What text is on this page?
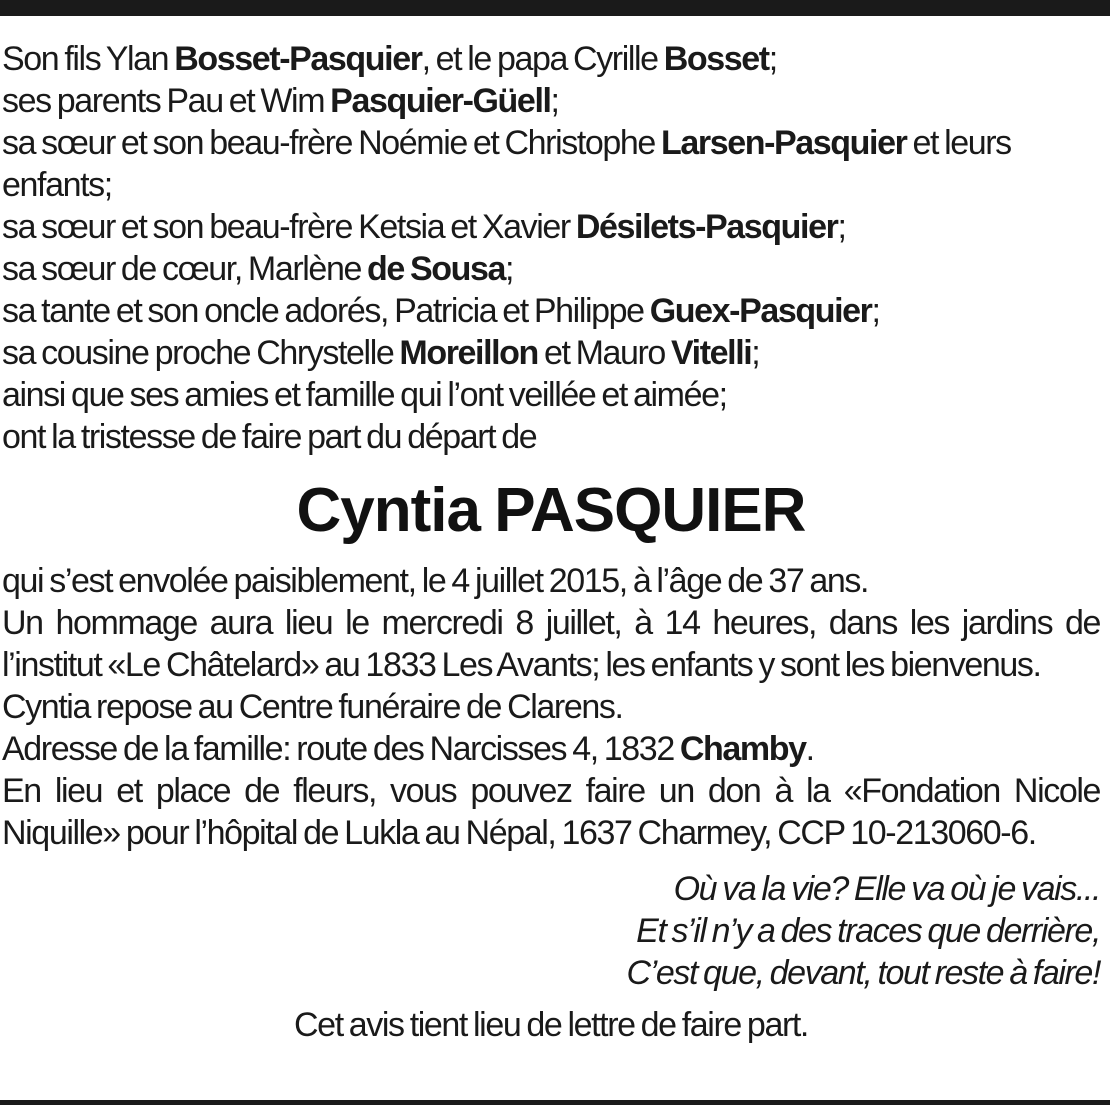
Son fils Ylan Bosset-Pasquier, et le papa Cyrille Bosset;
ses parents Pau et Wim Pasquier-Güell;
sa sœur et son beau-frère Noémie et Christophe Larsen-Pasquier et leurs enfants;
sa sœur et son beau-frère Ketsia et Xavier Désilets-Pasquier;
sa sœur de cœur, Marlène de Sousa;
sa tante et son oncle adorés, Patricia et Philippe Guex-Pasquier;
sa cousine proche Chrystelle Moreillon et Mauro Vitelli;
ainsi que ses amies et famille qui l’ont veillée et aimée;
ont la tristesse de faire part du départ de
Cyntia PASQUIER
qui s’est envolée paisiblement, le 4 juillet 2015, à l’âge de 37 ans.
Un hommage aura lieu le mercredi 8 juillet, à 14 heures, dans les jardins de l’institut «Le Châtelard» au 1833 Les Avants; les enfants y sont les bienvenus.
Cyntia repose au Centre funéraire de Clarens.
Adresse de la famille: route des Narcisses 4, 1832 Chamby.
En lieu et place de fleurs, vous pouvez faire un don à la «Fondation Nicole Niquille» pour l’hôpital de Lukla au Népal, 1637 Charmey, CCP 10-213060-6.
Où va la vie? Elle va où je vais...
Et s’il n’y a des traces que derrière,
C’est que, devant, tout reste à faire!
Cet avis tient lieu de lettre de faire part.
